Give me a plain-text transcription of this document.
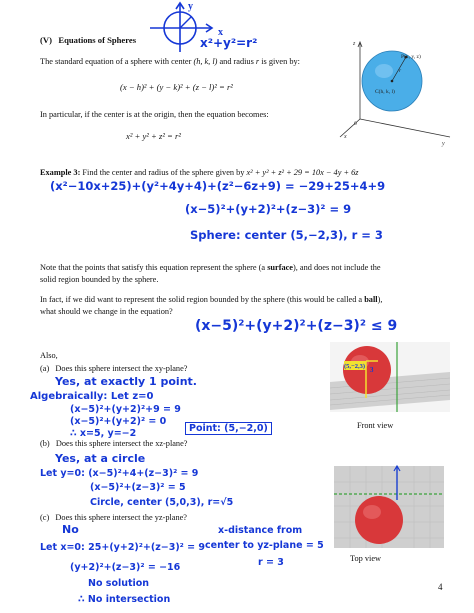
(V)   Equations of Spheres
y
x
x²+y²=r²
The standard equation of a sphere with center (h, k, l) and radius r is given by:
(x − h)² + (y − k)² + (z − l)² = r²
In particular, if the center is at the origin, then the equation becomes:
x² + y² + z² = r²
z
P(x, y, z)
r
C(h, k, l)
0
x
y
Example 3: Find the center and radius of the sphere given by x² + y² + z² + 29 = 10x − 4y + 6z
(x²−10x+25)+(y²+4y+4)+(z²−6z+9) = −29+25+4+9
(x−5)²+(y+2)²+(z−3)² = 9
Sphere: center (5,−2,3), r = 3
Note that the points that satisfy this equation represent the sphere (a surface), and does not include the
solid region bounded by the sphere.
In fact, if we did want to represent the solid region bounded by the sphere (this would be called a ball),
what should we change in the equation?
(x−5)²+(y+2)²+(z−3)² ≤ 9
Also,
(a)   Does this sphere intersect the xy-plane?
Yes, at exactly 1 point.
Algebraically: Let z=0
(x−5)²+(y+2)²+9 = 9
(x−5)²+(y+2)² = 0
∴ x=5, y=−2	Point: (5,−2,0)
(b)   Does this sphere intersect the xz-plane?
Yes, at a circle
Let y=0: (x−5)²+4+(z−3)² = 9
(x−5)²+(z−3)² = 5
Circle, center (5,0,3), r=√5
(c)   Does this sphere intersect the yz-plane?
No
Let x=0: 25+(y+2)²+(z−3)² = 9
(y+2)²+(z−3)² = −16
No solution
∴ No intersection
x-distance from
center to yz-plane = 5
r = 3
(5,−2,3) 3
Front view
Top view
4
